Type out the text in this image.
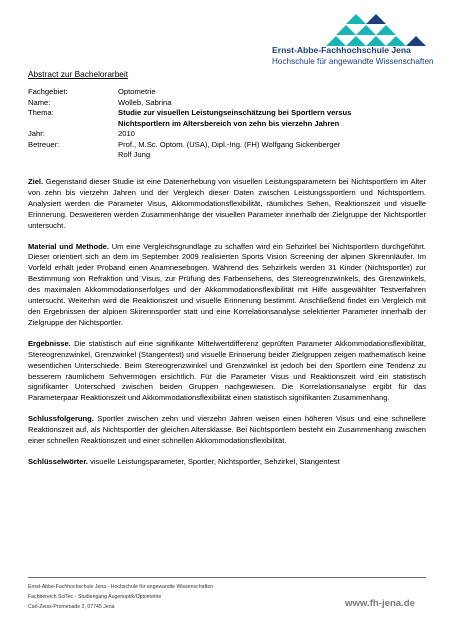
Ernst-Abbe-Fachhochschule Jena
Hochschule für angewandte Wissenschaften
Abstract zur Bachelorarbeit
Fachgebiet:	Optometrie
Name:	Wolleb, Sabrina
Thema:	Studie zur visuellen Leistungseinschätzung bei Sportlern versus
Nichtsportlern im Altersbereich von zehn bis vierzehn Jahren
Jahr:	2010
Betreuer:	Prof., M.Sc. Optom. (USA), Dipl.-Ing. (FH) Wolfgang Sickenberger
Rolf Jung

Ziel. Gegenstand dieser Studie ist eine Datenerhebung von visuellen Leistungsparametern bei Nichtsportlern im Alter von zehn bis vierzehn Jahren und der Vergleich dieser Daten zwischen Leistungssportlern und Nichtsportlern. Analysiert werden die Parameter Visus, Akkommodationsflexibilität, räumliches Sehen, Reaktionszeit und visuelle Erinnerung. Desweiteren werden Zusammenhänge der visuellen Parameter innerhalb der Zielgruppe der Nichtsportler untersucht.

Material und Methode. Um eine Vergleichsgrundlage zu schaffen wird ein Sehzirkel bei Nichtsportlern durchgeführt. Dieser orientiert sich an dem im September 2009 realisierten Sports Vision Screening der alpinen Skirennläufer. Im Vorfeld erhält jeder Proband einen Anamnesebogen. Während des Sehzirkels werden 31 Kinder (Nichtsportler) zur Bestimmung von Refraktion und Visus, zur Prüfung des Farbensehens, des Stereogrenzwinkels, des Grenzwinkels, des maximalen Akkommodationserfolges und der Akkommodationsflexibilität mit Hilfe ausgewählter Testverfahren untersucht. Weiterhin wird die Reaktionszeit und visuelle Erinnerung bestimmt. Anschließend findet ein Vergleich mit den Ergebnissen der alpinen Skirennsportler statt und eine Korrelationsanalyse selektierter Parameter innerhalb der Zielgruppe der Nichtsportler.

Ergebnisse. Die statistisch auf eine signifikante Mittelwertdifferenz geprüften Parameter Akkommodationsflexibilität, Stereogrenzwinkel, Grenzwinkel (Stangentest) und visuelle Erinnerung beider Zielgruppen zeigen mathematisch keine wesentlichen Unterschiede. Beim Stereogrenzwinkel und Grenzwinkel ist jedoch bei den Sportlern eine Tendenz zu besserem räumlichem Sehvermögen ersichtlich. Für die Parameter Visus und Reaktionszeit wird ein statistisch signifikanter Unterschied zwischen beiden Gruppen nachgewiesen. Die Korrelationsanalyse ergibt für das Parameterpaar Reaktionszeit und Akkommodationsflexibilität einen statistisch signifikanten Zusammenhang.

Schlussfolgerung. Sportler zwischen zehn und vierzehn Jahren weisen einen höheren Visus und eine schnellere Reaktionszeit auf, als Nichtsportler der gleichen Altersklasse. Bei Nichtsportlern besteht ein Zusammenhang zwischen einer schnellen Reaktionszeit und einer schnellen Akkommodationsflexibilität.

Schlüsselwörter. visuelle Leistungsparameter, Sportler, Nichtsportler, Sehzirkel, Stangentest

Ernst-Abbe-Fachhochschule Jena - Hochschule für angewandte Wissenschaften
Fachbereich SciTec - Studiengang Augenoptik/Optometrie
Carl-Zeiss-Promenade 2, 07745 Jena	www.fh-jena.de
